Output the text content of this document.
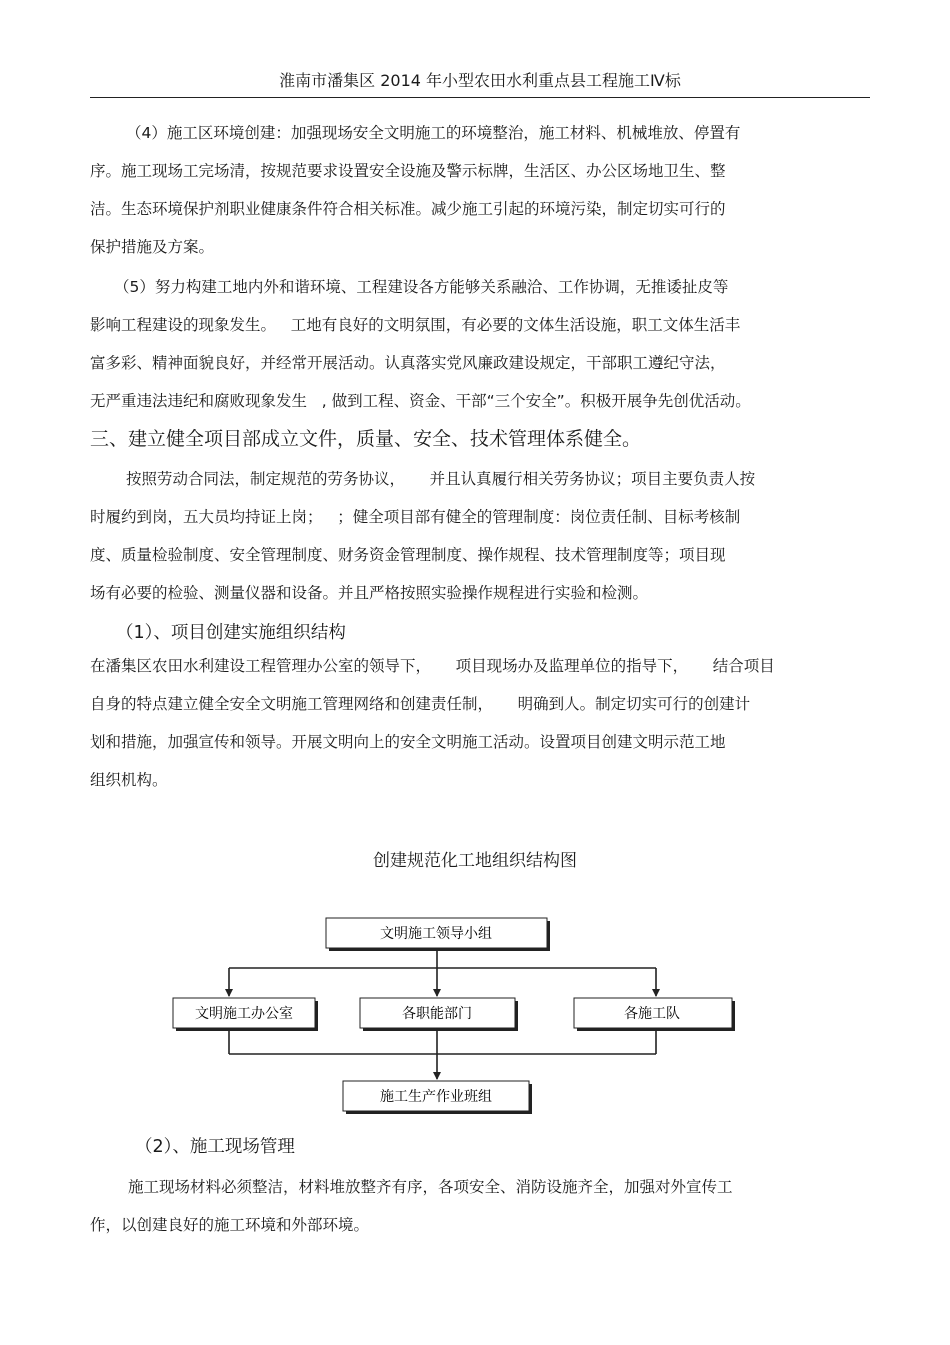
淮南市潘集区 2014 年小型农田水利重点县工程施工Ⅳ标
（4）施工区环境创建：加强现场安全文明施工的环境整治，施工材料、机械堆放、停置有
序。施工现场工完场清，按规范要求设置安全设施及警示标牌，生活区、办公区场地卫生、整
洁。生态环境保护剂职业健康条件符合相关标准。减少施工引起的环境污染，制定切实可行的
保护措施及方案。
（5）努力构建工地内外和谐环境、工程建设各方能够关系融洽、工作协调，无推诿扯皮等
影响工程建设的现象发生。   工地有良好的文明氛围，有必要的文体生活设施，职工文体生活丰
富多彩、精神面貌良好，并经常开展活动。认真落实党风廉政建设规定，干部职工遵纪守法，
无严重违法违纪和腐败现象发生   , 做到工程、资金、干部“三个安全”。积极开展争先创优活动。
三、建立健全项目部成立文件，质量、安全、技术管理体系健全。
按照劳动合同法，制定规范的劳务协议，     并且认真履行相关劳务协议；项目主要负责人按
时履约到岗，五大员均持证上岗；   ；健全项目部有健全的管理制度：岗位责任制、目标考核制
度、质量检验制度、安全管理制度、财务资金管理制度、操作规程、技术管理制度等；项目现
场有必要的检验、测量仪器和设备。并且严格按照实验操作规程进行实验和检测。
（1）、项目创建实施组织结构
在潘集区农田水利建设工程管理办公室的领导下，     项目现场办及监理单位的指导下，     结合项目
自身的特点建立健全安全文明施工管理网络和创建责任制，     明确到人。制定切实可行的创建计
划和措施，加强宣传和领导。开展文明向上的安全文明施工活动。设置项目创建文明示范工地
组织机构。
创建规范化工地组织结构图
文明施工领导小组
文明施工办公室	各职能部门	各施工队
施工生产作业班组
（2）、施工现场管理
施工现场材料必须整洁，材料堆放整齐有序，各项安全、消防设施齐全，加强对外宣传工
作，以创建良好的施工环境和外部环境。
